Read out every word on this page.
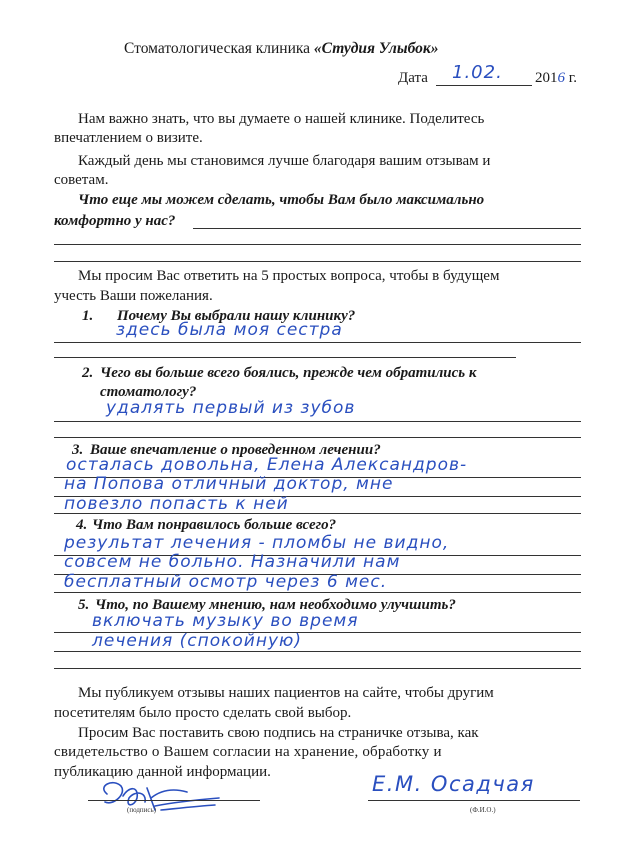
Стоматологическая клиника «Студия Улыбок»
Дата 1.02. 2016 г.
Нам важно знать, что вы думаете о нашей клинике. Поделитесь
впечатлением о визите.
Каждый день мы становимся лучше благодаря вашим отзывам и
советам.
Что еще мы можем сделать, чтобы Вам было максимально
комфортно у нас?
Мы просим Вас ответить на 5 простых вопроса, чтобы в будущем
учесть Ваши пожелания.
1. Почему Вы выбрали нашу клинику?
здесь была моя сестра
2. Чего вы больше всего боялись, прежде чем обратились к
стоматологу?
удалять первый из зубов
3. Ваше впечатление о проведенном лечении?
осталась довольна, Елена Александров-
на Попова отличный доктор, мне
повезло попасть к ней
4. Что Вам понравилось больше всего?
результат лечения - пломбы не видно,
совсем не больно. Назначили нам
бесплатный осмотр через 6 мес.
5. Что, по Вашему мнению, нам необходимо улучшить?
включать музыку во время
лечения (спокойную)
Мы публикуем отзывы наших пациентов на сайте, чтобы другим
посетителям было просто сделать свой выбор.
Просим Вас поставить свою подпись на страничке отзыва, как
свидетельство о Вашем согласии на хранение, обработку и
публикацию данной информации.
(подпись)
Е.М. Осадчая
(Ф.И.О.)
